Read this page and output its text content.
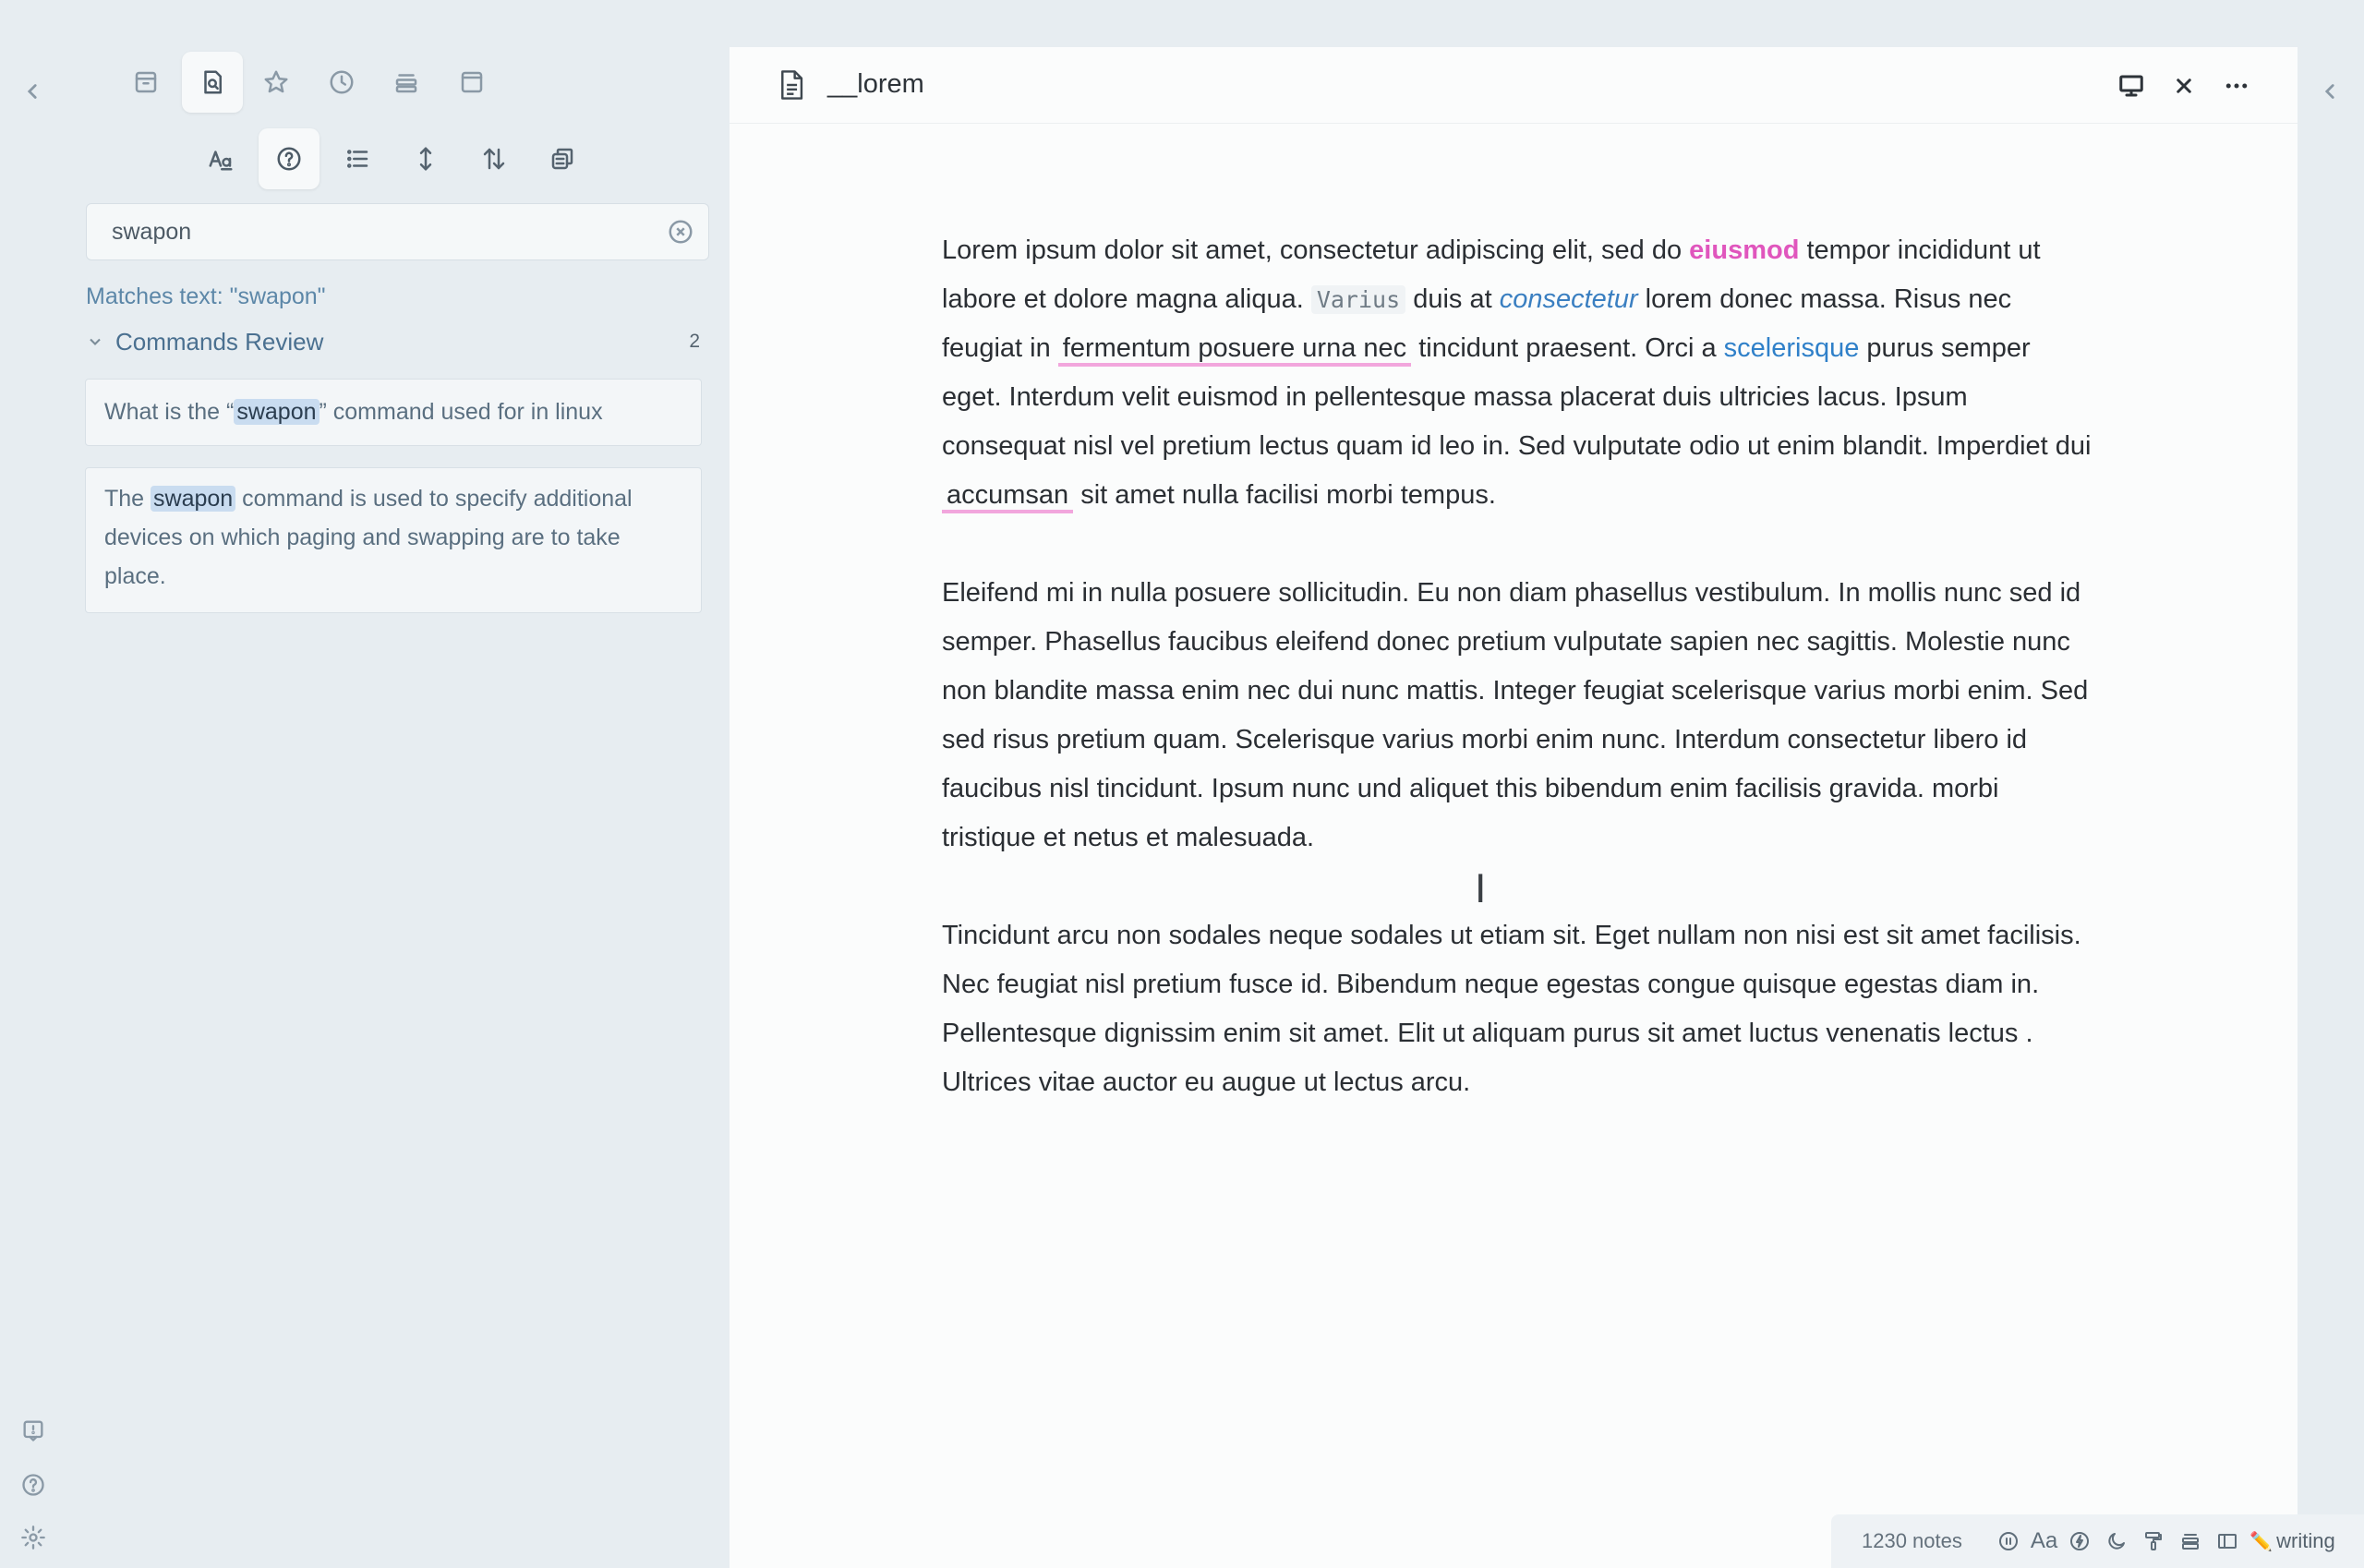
swapon
Matches text: "swapon"
Commands Review	2
What is the “ swapon ” command used for in linux
The swapon command is used to specify additional devices on which paging and swapping are to take place.
__lorem

Lorem ipsum dolor sit amet, consectetur adipiscing elit, sed do eiusmod tempor incididunt ut labore et dolore magna aliqua. Varius duis at consectetur lorem donec massa. Risus nec feugiat in fermentum posuere urna nec tincidunt praesent. Orci a scelerisque purus semper eget. Interdum velit euismod in pellentesque massa placerat duis ultricies lacus. Ipsum consequat nisl vel pretium lectus quam id leo in. Sed vulputate odio ut enim blandit. Imperdiet dui accumsan sit amet nulla facilisi morbi tempus.

Eleifend mi in nulla posuere sollicitudin. Eu non diam phasellus vestibulum. In mollis nunc sed id semper. Phasellus faucibus eleifend donec pretium vulputate sapien nec sagittis. Molestie nunc non blandite massa enim nec dui nunc mattis. Integer feugiat scelerisque varius morbi enim. Sed sed risus pretium quam. Scelerisque varius morbi enim nunc. Interdum consectetur libero id faucibus nisl tincidunt. Ipsum nunc und aliquet this bibendum enim facilisis gravida. morbi tristique et netus et malesuada.

Tincidunt arcu non sodales neque sodales ut etiam sit. Eget nullam non nisi est sit amet facilisis. Nec feugiat nisl pretium fusce id. Bibendum neque egestas congue quisque egestas diam in. Pellentesque dignissim enim sit amet. Elit ut aliquam purus sit amet luctus venenatis lectus . Ultrices vitae auctor eu augue ut lectus arcu.

I
1230 notes	Aa	✏️ writing
